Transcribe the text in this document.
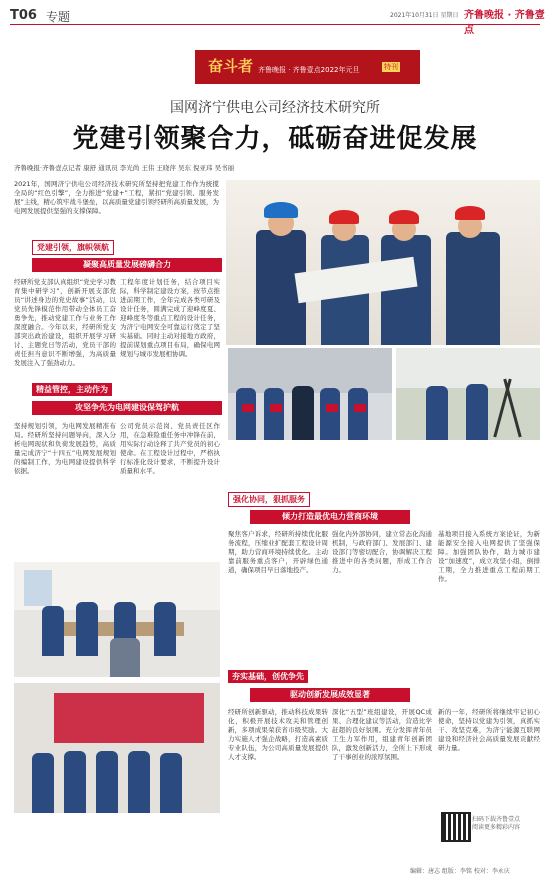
T06 专题	2021年10月31日 星期日 齐鲁晚报 · 齐鲁壹点
奋斗者 齐鲁晚报 · 齐鲁壹点2022年元旦	特刊
国网济宁供电公司经济技术研究所
党建引领聚合力，砥砺奋进促发展
齐鲁晚报·齐鲁壹点记者 康舒 通讯员 李光尚 王伟 王晓萍 吴东 倪亚玮 吴书丽
2021年，国网济宁供电公司经济技术研究所坚持把党建工作作为统揽全局的“红色引擎”，全力推进“党建+”工程，紧扣“党建引领、服务发展”主线，精心筑牢战斗堡垒，以高质量党建引领经研所高质量发展，为电网发展提供坚强的支撑保障。
党建引领，旗帜领航
凝聚高质量发展磅礴合力
经研所党支部认真组织“党史学习教育集中研学习”，创新开展支部党员“讲述身边的党史故事”活动，以党员先锋模范作用带动全体员工奋勇争先，推动党建工作与业务工作深度融合。今年以来，经研所党支部突出政治建设，组织开展学习研讨、主题党日等活动，党员干部的责任担当意识不断增强，为高质量发展注入了强劲动力。
工程年度计划任务，结合项目实际，科学制定建设方案，按节点推进前期工作，全年完成各类可研及设计任务，圆满完成了迎峰度夏、迎峰度冬等重点工程的设计任务，为济宁电网安全可靠运行奠定了坚实基础。同时主动对接地方政府，提前谋划重点项目布局，确保电网规划与城市发展相协调。
精益管控，主动作为
攻坚争先为电网建设保驾护航
坚持规划引领，为电网发展精准布局。经研所坚持问题导向，深入分析电网现状和负荷发展趋势，高质量完成济宁“十四五”电网发展规划的编制工作，为电网建设提供科学依据。
公司党员示范岗、党员责任区作用，在急难险重任务中冲锋在前，用实际行动诠释了共产党员的初心使命。在工程设计过程中，严格执行标准化设计要求，不断提升设计质量和水平。
强化协同，狠抓服务
倾力打造最优电力营商环境
聚焦客户诉求，经研所持续优化服务流程，压缩业扩配套工程设计周期，助力营商环境持续优化。主动靠前服务重点客户，开辟绿色通道，确保项目早日落地投产。
强化内外部协同，建立常态化沟通机制，与政府部门、发展部门、建设部门等密切配合，协调解决工程推进中的各类问题，形成工作合力。
基地项目接入系统方案论证，为新能源安全接入电网提供了坚强保障。加强团队协作，助力城市建设“加速度”，成立攻坚小组，倒排工期，全力推进重点工程前期工作。
夯实基础，创优争先
驱动创新发展成效显著
经研所创新驱动，推动科技成果转化，积极开展技术攻关和管理创新，多项成果荣获省市级奖励。大力实施人才强企战略，打造高素质专业队伍，为公司高质量发展提供人才支撑。
深化“五型”班组建设，开展QC成果、合理化建议等活动，营造比学赶超的良好氛围。充分发挥青年员工生力军作用，组建青年创新团队，激发创新活力，全所上下形成了干事创业的浓厚氛围。
新的一年，经研所将继续牢记初心使命，坚持以党建为引领，真抓实干、攻坚克难，为济宁能源互联网建设和经济社会高质量发展贡献经研力量。
扫码下载齐鲁壹点
阅读更多精彩内容
编辑：唐志 组版：李铭 校对：李永庆
